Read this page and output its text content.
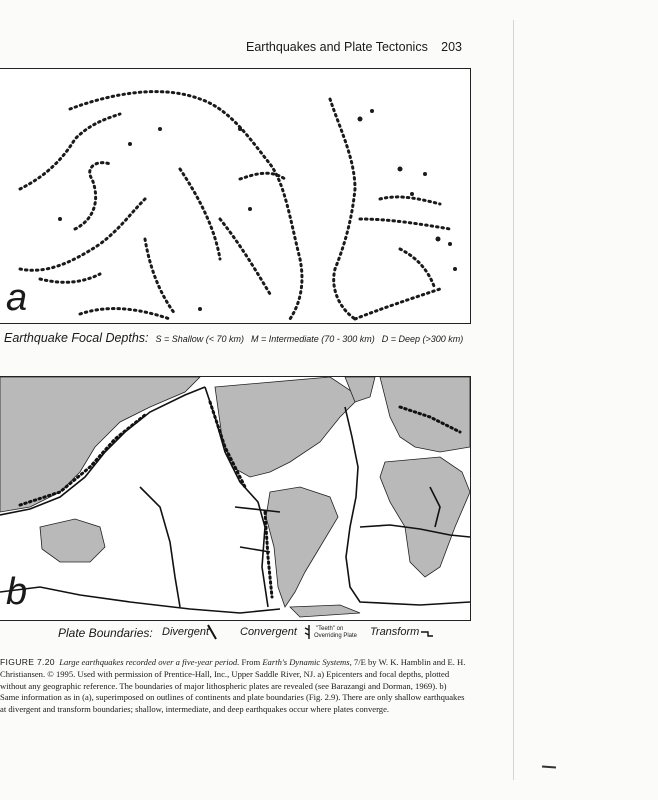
Earthquakes and Plate Tectonics 203
a
Earthquake Focal Depths: S = Shallow (< 70 km) M = Intermediate (70 - 300 km) D = Deep (>300 km)
b
Plate Boundaries: Divergent	Convergent	"Teeth" on
Overriding Plate Transform
FIGURE 7.20 Large earthquakes recorded over a five-year period. From Earth's Dynamic Systems, 7/E by W. K. Hamblin and E. H. Christiansen. © 1995. Used with permission of Prentice-Hall, Inc., Upper Saddle River, NJ. a) Epicenters and focal depths, plotted without any geographic reference. The boundaries of major lithospheric plates are revealed (see Barazangi and Dorman, 1969). b) Same information as in (a), superimposed on outlines of continents and plate boundaries (Fig. 2.9). There are only shallow earthquakes at divergent and transform boundaries; shallow, intermediate, and deep earthquakes occur where plates converge.
